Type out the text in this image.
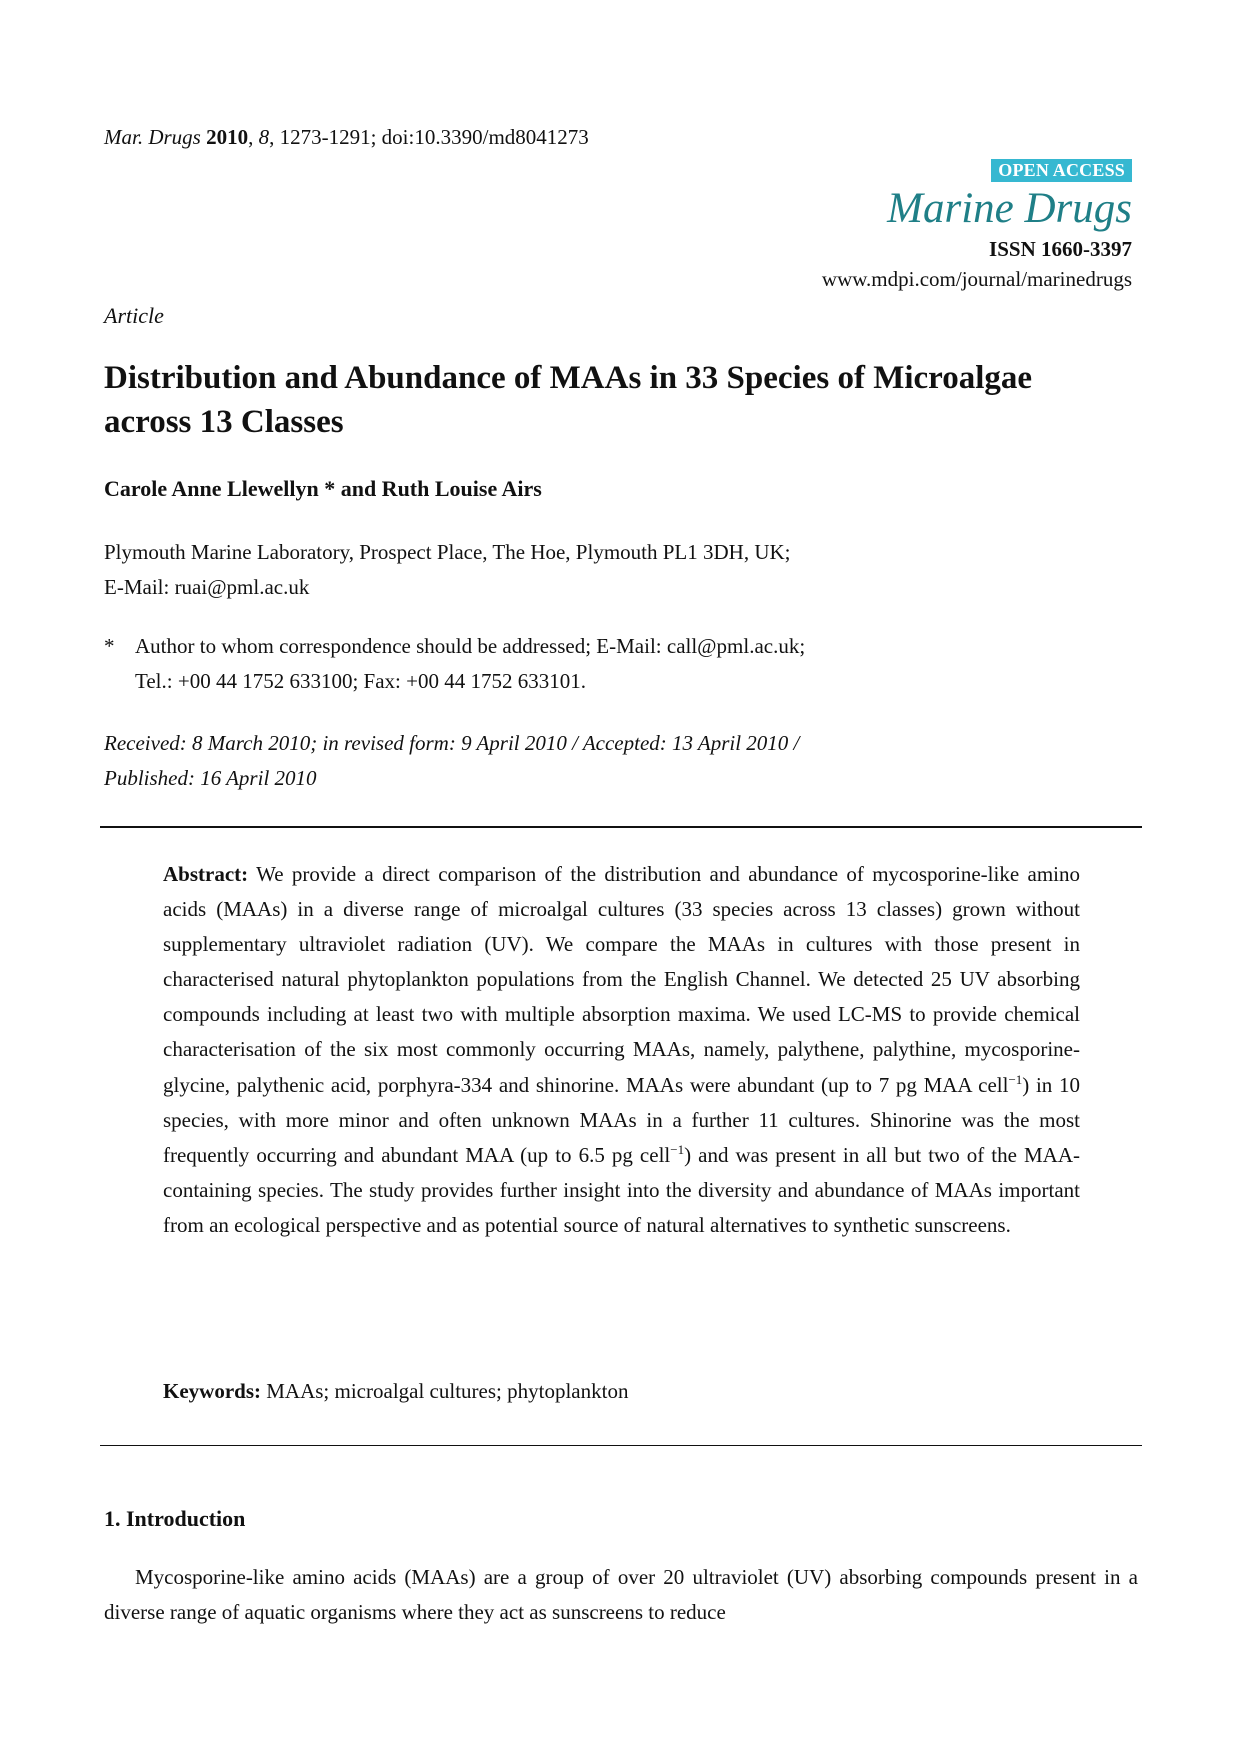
Mar. Drugs 2010, 8, 1273-1291; doi:10.3390/md8041273
OPEN ACCESS
Marine Drugs
ISSN 1660-3397
www.mdpi.com/journal/marinedrugs
Article
Distribution and Abundance of MAAs in 33 Species of Microalgae across 13 Classes
Carole Anne Llewellyn * and Ruth Louise Airs
Plymouth Marine Laboratory, Prospect Place, The Hoe, Plymouth PL1 3DH, UK;
E-Mail: ruai@pml.ac.uk
* Author to whom correspondence should be addressed; E-Mail: call@pml.ac.uk;
Tel.: +00 44 1752 633100; Fax: +00 44 1752 633101.
Received: 8 March 2010; in revised form: 9 April 2010 / Accepted: 13 April 2010 /
Published: 16 April 2010
Abstract: We provide a direct comparison of the distribution and abundance of mycosporine-like amino acids (MAAs) in a diverse range of microalgal cultures (33 species across 13 classes) grown without supplementary ultraviolet radiation (UV). We compare the MAAs in cultures with those present in characterised natural phytoplankton populations from the English Channel. We detected 25 UV absorbing compounds including at least two with multiple absorption maxima. We used LC-MS to provide chemical characterisation of the six most commonly occurring MAAs, namely, palythene, palythine, mycosporine-glycine, palythenic acid, porphyra-334 and shinorine. MAAs were abundant (up to 7 pg MAA cell$^{-1}$) in 10 species, with more minor and often unknown MAAs in a further 11 cultures. Shinorine was the most frequently occurring and abundant MAA (up to 6.5 pg cell$^{-1}$) and was present in all but two of the MAA-containing species. The study provides further insight into the diversity and abundance of MAAs important from an ecological perspective and as potential source of natural alternatives to synthetic sunscreens.
Keywords: MAAs; microalgal cultures; phytoplankton
1. Introduction
Mycosporine-like amino acids (MAAs) are a group of over 20 ultraviolet (UV) absorbing compounds present in a diverse range of aquatic organisms where they act as sunscreens to reduce
